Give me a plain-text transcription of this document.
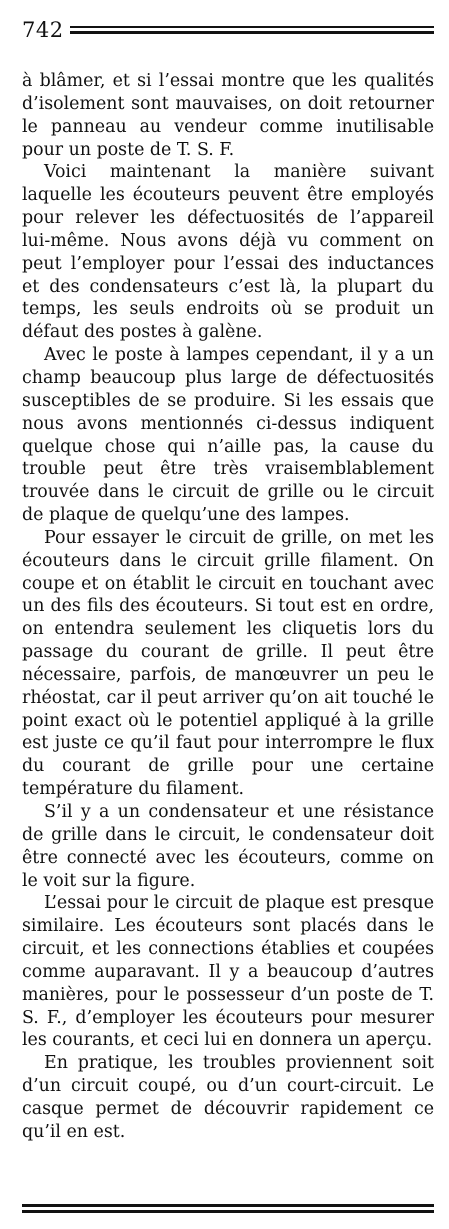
742

à blâmer, et si l’essai montre que les qualités d’isolement sont mauvaises, on doit retourner le panneau au vendeur comme inutilisable pour un poste de T. S. F.

Voici maintenant la manière suivant laquelle les écouteurs peuvent être employés pour relever les défectuosités de l’appareil lui-même. Nous avons déjà vu comment on peut l’employer pour l’essai des inductances et des condensateurs c’est là, la plupart du temps, les seuls endroits où se produit un défaut des postes à galène.

Avec le poste à lampes cependant, il y a un champ beaucoup plus large de défectuosités susceptibles de se produire. Si les essais que nous avons mentionnés ci-dessus indiquent quelque chose qui n’aille pas, la cause du trouble peut être très vraisemblablement trouvée dans le circuit de grille ou le circuit de plaque de quelqu’une des lampes.

Pour essayer le circuit de grille, on met les écouteurs dans le circuit grille filament. On coupe et on établit le circuit en touchant avec un des fils des écouteurs. Si tout est en ordre, on entendra seulement les cliquetis lors du passage du courant de grille. Il peut être nécessaire, parfois, de manœuvrer un peu le rhéostat, car il peut arriver qu’on ait touché le point exact où le potentiel appliqué à la grille est juste ce qu’il faut pour interrompre le flux du courant de grille pour une certaine température du filament.

S’il y a un condensateur et une résistance de grille dans le circuit, le condensateur doit être connecté avec les écouteurs, comme on le voit sur la figure.

L’essai pour le circuit de plaque est presque similaire. Les écouteurs sont placés dans le circuit, et les connections établies et coupées comme auparavant. Il y a beaucoup d’autres manières, pour le possesseur d’un poste de T. S. F., d’employer les écouteurs pour mesurer les courants, et ceci lui en donnera un aperçu.

En pratique, les troubles proviennent soit d’un circuit coupé, ou d’un court-circuit. Le casque permet de découvrir rapidement ce qu’il en est.
